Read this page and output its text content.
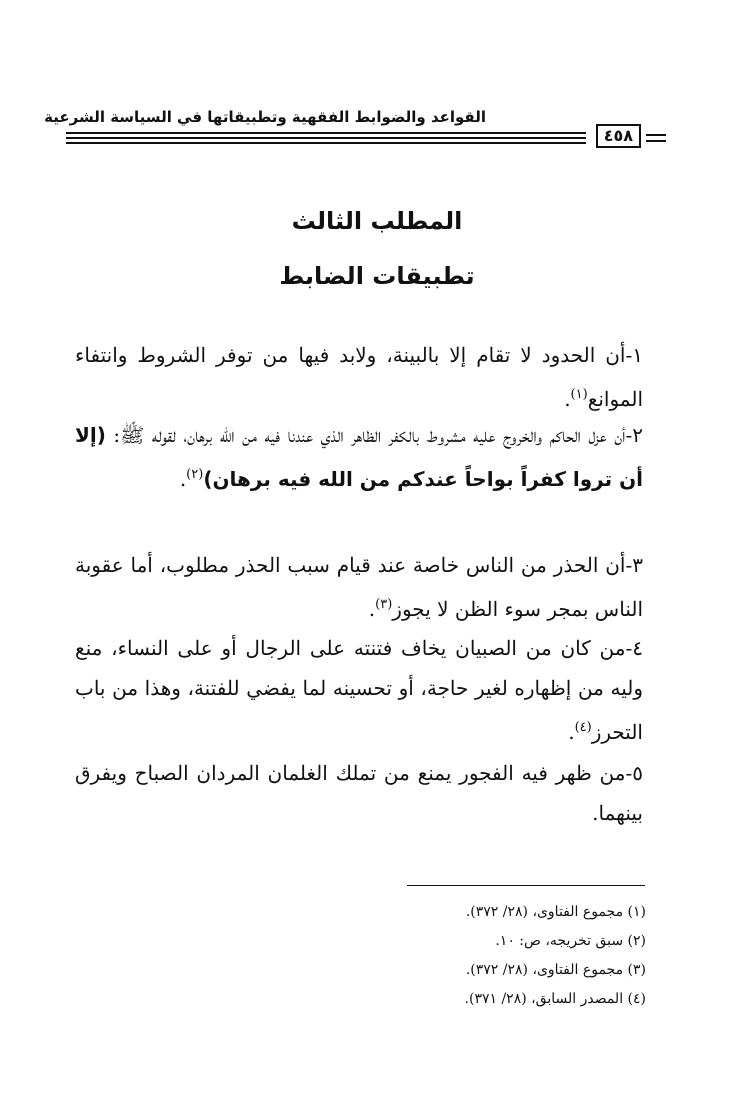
القواعد والضوابط الفقهية وتطبيقاتها في السياسة الشرعية
٤٥٨
المطلب الثالث
تطبيقات الضابط
١-أن الحدود لا تقام إلا بالبينة، ولابد فيها من توفر الشروط وانتفاء الموانع$^{(١)}$.
٢-أن عزل الحاكم والخروج عليه مشروط بالكفر الظاهر الذي عندنا فيه من الله برهان، لقوله ﷺ: (إلا أن تروا كفراً بواحاً عندكم من الله فيه برهان)$^{(٢)}$.
٣-أن الحذر من الناس خاصة عند قيام سبب الحذر مطلوب، أما عقوبة الناس بمجر سوء الظن لا يجوز$^{(٣)}$.
٤-من كان من الصبيان يخاف فتنته على الرجال أو على النساء، منع وليه من إظهاره لغير حاجة، أو تحسينه لما يفضي للفتنة، وهذا من باب التحرز$^{(٤)}$.
٥-من ظهر فيه الفجور يمنع من تملك الغلمان المردان الصباح ويفرق بينهما.
(١) مجموع الفتاوى، (٢٨/ ٣٧٢).
(٢) سبق تخريجه، ص: ١٠.
(٣) مجموع الفتاوى، (٢٨/ ٣٧٢).
(٤) المصدر السابق، (٢٨/ ٣٧١).
